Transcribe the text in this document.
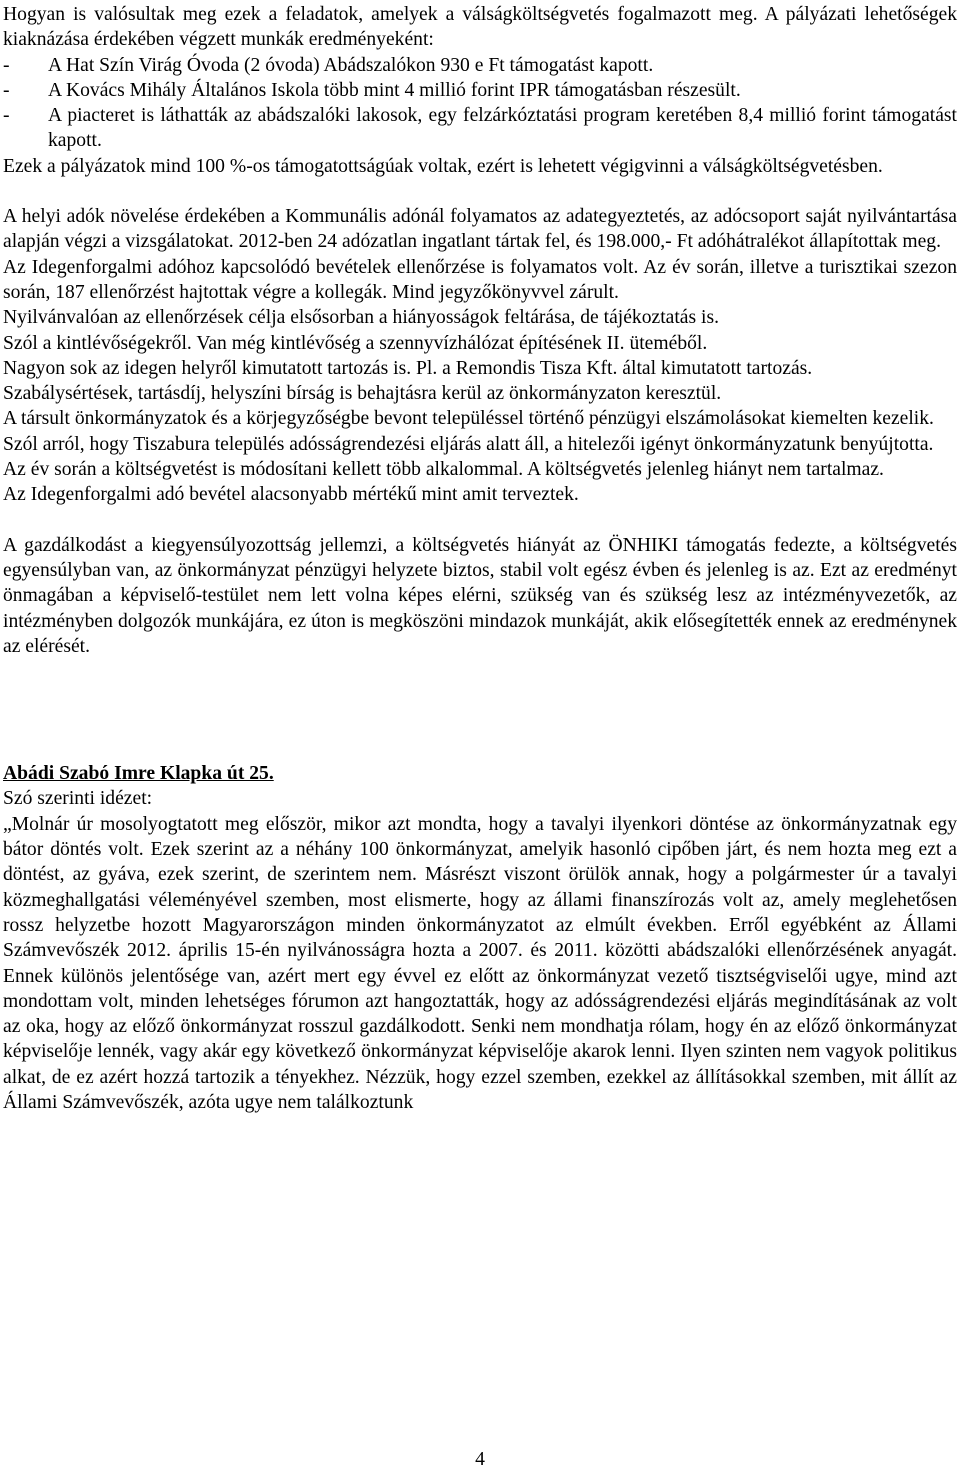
Hogyan is valósultak meg ezek a feladatok, amelyek a válságköltségvetés fogalmazott meg. A pályázati lehetőségek kiaknázása érdekében végzett munkák eredményeként:

-	A Hat Szín Virág Óvoda (2 óvoda) Abádszalókon 930 e Ft támogatást kapott.
-	A Kovács Mihály Általános Iskola több mint 4 millió forint IPR támogatásban részesült.
-	A piacteret is láthatták az abádszalóki lakosok, egy felzárkóztatási program keretében 8,4 millió forint támogatást kapott.

Ezek a pályázatok mind 100 %-os támogatottságúak voltak, ezért is lehetett végigvinni a válságköltségvetésben.

A helyi adók növelése érdekében a Kommunális adónál folyamatos az adategyeztetés, az adócsoport saját nyilvántartása alapján végzi a vizsgálatokat. 2012-ben 24 adózatlan ingatlant tártak fel, és 198.000,- Ft adóhátralékot állapítottak meg.

Az Idegenforgalmi adóhoz kapcsolódó bevételek ellenőrzése is folyamatos volt. Az év során, illetve a turisztikai szezon során, 187 ellenőrzést hajtottak végre a kollegák. Mind jegyzőkönyvvel zárult.

Nyilvánvalóan az ellenőrzések célja elsősorban a hiányosságok feltárása, de tájékoztatás is.

Szól a kintlévőségekről. Van még kintlévőség a szennyvízhálózat építésének II. üteméből.

Nagyon sok az idegen helyről kimutatott tartozás is. Pl. a Remondis Tisza Kft. által kimutatott tartozás.

Szabálysértések, tartásdíj, helyszíni bírság is behajtásra kerül az önkormányzaton keresztül.

A társult önkormányzatok és a körjegyzőségbe bevont településsel történő pénzügyi elszámolásokat kiemelten kezelik.

Szól arról, hogy Tiszabura település adósságrendezési eljárás alatt áll, a hitelezői igényt önkormányzatunk benyújtotta.

Az év során a költségvetést is módosítani kellett több alkalommal. A költségvetés jelenleg hiányt nem tartalmaz.

Az Idegenforgalmi adó bevétel alacsonyabb mértékű mint amit terveztek.

A gazdálkodást a kiegyensúlyozottság jellemzi, a költségvetés hiányát az ÖNHIKI támogatás fedezte, a költségvetés egyensúlyban van, az önkormányzat pénzügyi helyzete biztos, stabil volt egész évben és jelenleg is az. Ezt az eredményt önmagában a képviselő-testület nem lett volna képes elérni, szükség van és szükség lesz az intézményvezetők, az intézményben dolgozók munkájára, ez úton is megköszöni mindazok munkáját, akik elősegítették ennek az eredménynek az elérését.

Abádi Szabó Imre Klapka út 25.

Szó szerinti idézet:

„Molnár úr mosolyogtatott meg először, mikor azt mondta, hogy a tavalyi ilyenkori döntése az önkormányzatnak egy bátor döntés volt. Ezek szerint az a néhány 100 önkormányzat, amelyik hasonló cipőben járt, és nem hozta meg ezt a döntést, az gyáva, ezek szerint, de szerintem nem. Másrészt viszont örülök annak, hogy a polgármester úr a tavalyi közmeghallgatási véleményével szemben, most elismerte, hogy az állami finanszírozás volt az, amely meglehetősen rossz helyzetbe hozott Magyarországon minden önkormányzatot az elmúlt években. Erről egyébként az Állami Számvevőszék 2012. április 15-én nyilvánosságra hozta a 2007. és 2011. közötti abádszalóki ellenőrzésének anyagát. Ennek különös jelentősége van, azért mert egy évvel ez előtt az önkormányzat vezető tisztségviselői ugye, mind azt mondottam volt, minden lehetséges fórumon azt hangoztatták, hogy az adósságrendezési eljárás megindításának az volt az oka, hogy az előző önkormányzat rosszul gazdálkodott. Senki nem mondhatja rólam, hogy én az előző önkormányzat képviselője lennék, vagy akár egy következő önkormányzat képviselője akarok lenni. Ilyen szinten nem vagyok politikus alkat, de ez azért hozzá tartozik a tényekhez. Nézzük, hogy ezzel szemben, ezekkel az állításokkal szemben, mit állít az Állami Számvevőszék, azóta ugye nem találkoztunk

4
